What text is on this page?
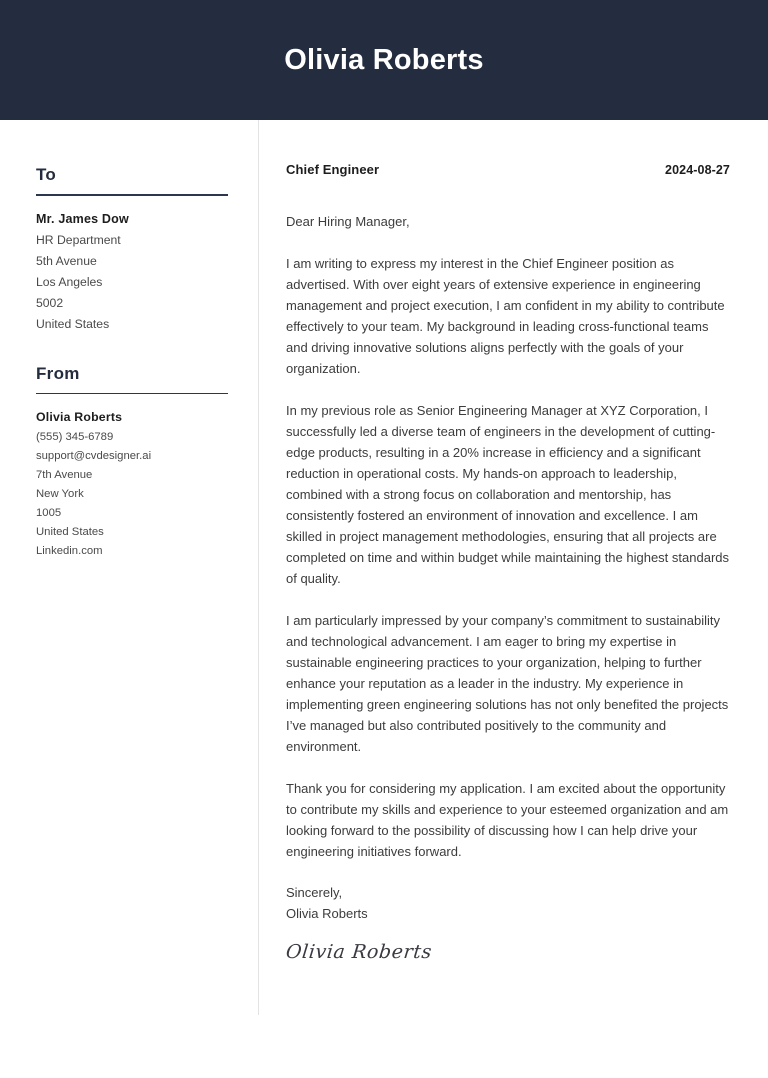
Olivia Roberts
To
Mr. James Dow
HR Department
5th Avenue
Los Angeles
5002
United States
From
Olivia Roberts
(555) 345-6789
support@cvdesigner.ai
7th Avenue
New York
1005
United States
Linkedin.com
Chief Engineer	2024-08-27

Dear Hiring Manager,

I am writing to express my interest in the Chief Engineer position as advertised. With over eight years of extensive experience in engineering management and project execution, I am confident in my ability to contribute effectively to your team. My background in leading cross-functional teams and driving innovative solutions aligns perfectly with the goals of your organization.

In my previous role as Senior Engineering Manager at XYZ Corporation, I successfully led a diverse team of engineers in the development of cutting-edge products, resulting in a 20% increase in efficiency and a significant reduction in operational costs. My hands-on approach to leadership, combined with a strong focus on collaboration and mentorship, has consistently fostered an environment of innovation and excellence. I am skilled in project management methodologies, ensuring that all projects are completed on time and within budget while maintaining the highest standards of quality.

I am particularly impressed by your company’s commitment to sustainability and technological advancement. I am eager to bring my expertise in sustainable engineering practices to your organization, helping to further enhance your reputation as a leader in the industry. My experience in implementing green engineering solutions has not only benefited the projects I’ve managed but also contributed positively to the community and environment.

Thank you for considering my application. I am excited about the opportunity to contribute my skills and experience to your esteemed organization and am looking forward to the possibility of discussing how I can help drive your engineering initiatives forward.

Sincerely,
Olivia Roberts
Olivia Roberts
